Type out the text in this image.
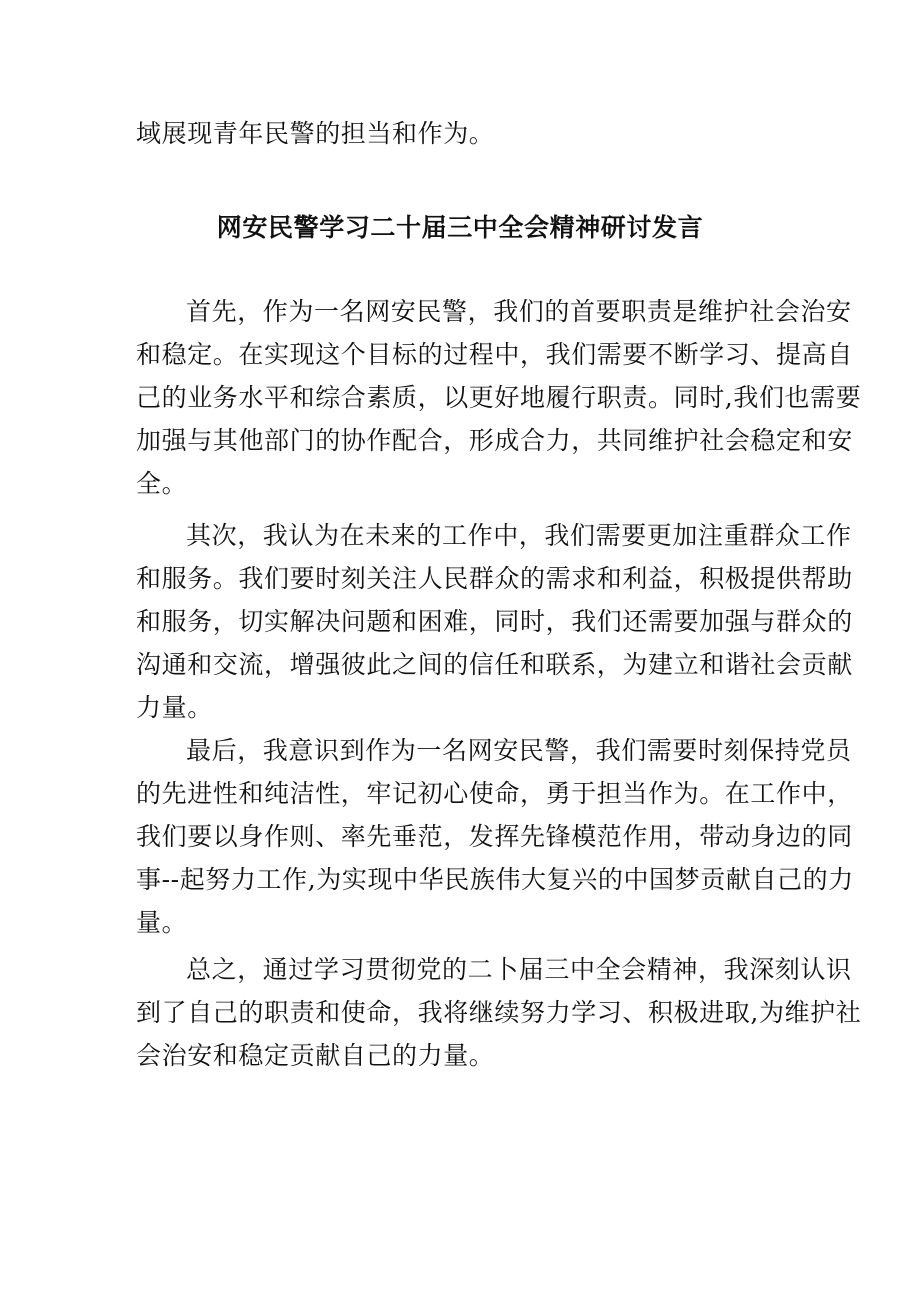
域展现青年民警的担当和作为。
网安民警学习二十届三中全会精神研讨发言
首先，作为一名网安民警，我们的首要职责是维护社会治安
和稳定。在实现这个目标的过程中，我们需要不断学习、提高自
己的业务水平和综合素质，以更好地履行职责。同时,我们也需要
加强与其他部门的协作配合，形成合力，共同维护社会稳定和安
全。
其次，我认为在未来的工作中，我们需要更加注重群众工作
和服务。我们要时刻关注人民群众的需求和利益，积极提供帮助
和服务，切实解决问题和困难，同时，我们还需要加强与群众的
沟通和交流，增强彼此之间的信任和联系，为建立和谐社会贡献
力量。
最后，我意识到作为一名网安民警，我们需要时刻保持党员
的先进性和纯洁性，牢记初心使命，勇于担当作为。在工作中，
我们要以身作则、率先垂范，发挥先锋模范作用，带动身边的同
事--起努力工作,为实现中华民族伟大复兴的中国梦贡献自己的力
量。
总之，通过学习贯彻党的二卜届三中全会精神，我深刻认识
到了自己的职责和使命，我将继续努力学习、积极进取,为维护社
会治安和稳定贡献自己的力量。
